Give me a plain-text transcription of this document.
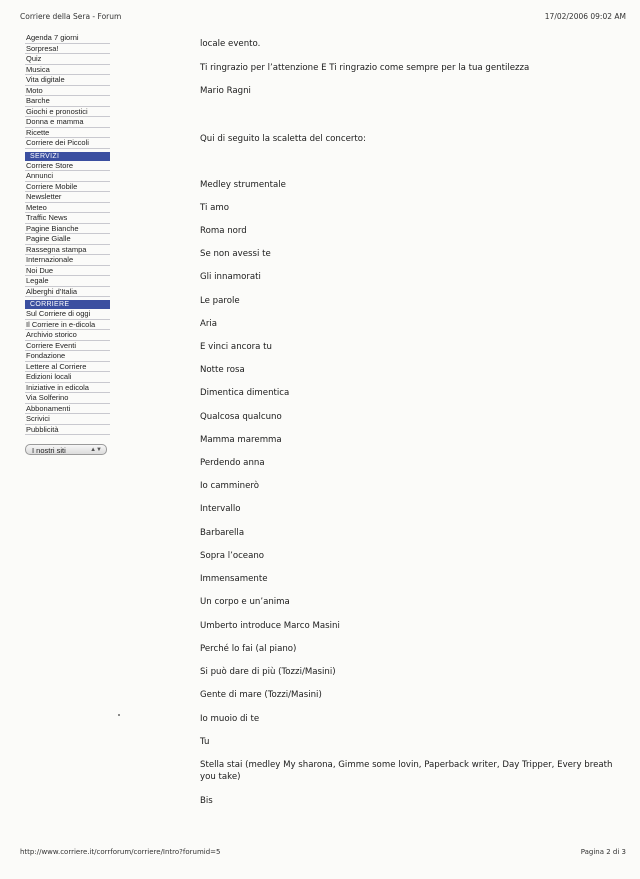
Corriere della Sera - Forum	17/02/2006 09:02 AM
Agenda 7 giorni
Sorpresa!
Quiz
Musica
Vita digitale
Moto
Barche
Giochi e pronostici
Donna e mamma
Ricette
Corriere dei Piccoli
SERVIZI
Corriere Store
Annunci
Corriere Mobile
Newsletter
Meteo
Traffic News
Pagine Bianche
Pagine Gialle
Rassegna stampa
Internazionale
Noi Due
Legale
Alberghi d'Italia
CORRIERE
Sul Corriere di oggi
Il Corriere in e-dicola
Archivio storico
Corriere Eventi
Fondazione
Lettere al Corriere
Edizioni locali
Iniziative in edicola
Via Solferino
Abbonamenti
Scrivici
Pubblicità
I nostri siti	▲▼
locale evento.
Ti ringrazio per l’attenzione E Ti ringrazio come sempre per la tua gentilezza
Mario Ragni
Qui di seguito la scaletta del concerto:
Medley strumentale
Ti amo
Roma nord
Se non avessi te
Gli innamorati
Le parole
Aria
E vinci ancora tu
Notte rosa
Dimentica dimentica
Qualcosa qualcuno
Mamma maremma
Perdendo anna
Io camminerò
Intervallo
Barbarella
Sopra l’oceano
Immensamente
Un corpo e un’anima
Umberto introduce Marco Masini
Perché lo fai (al piano)
Si può dare di più (Tozzi/Masini)
Gente di mare (Tozzi/Masini)
Io muoio di te
Tu
Stella stai (medley My sharona, Gimme some lovin, Paperback writer, Day Tripper, Every breath you take)
Bis
http://www.corriere.it/corrforum/corriere/Intro?forumid=5	Pagina 2 di 3
